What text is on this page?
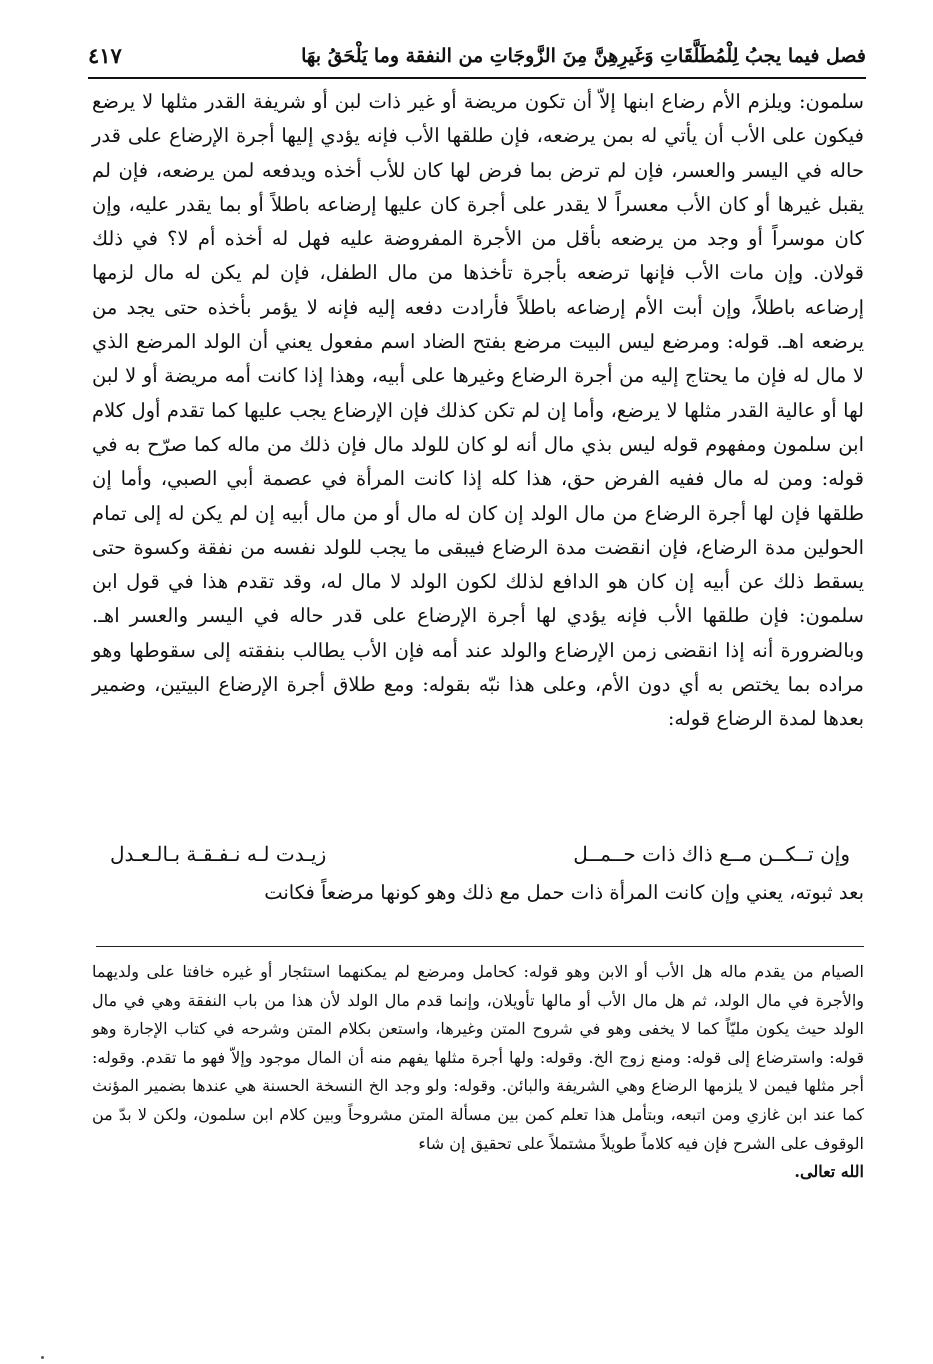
فصل فيما يجبُ لِلْمُطَلَّقَاتِ وَغَيرِهِنَّ مِنَ الزَّوجَاتِ من النفقة وما يَلْحَقُ بهَا
٤١٧

سلمون: ويلزم الأم رضاع ابنها إلاّ أن تكون مريضة أو غير ذات لبن أو شريفة القدر مثلها لا يرضع فيكون على الأب أن يأتي له بمن يرضعه، فإن طلقها الأب فإنه يؤدي إليها أجرة الإرضاع على قدر حاله في اليسر والعسر، فإن لم ترض بما فرض لها كان للأب أخذه ويدفعه لمن يرضعه، فإن لم يقبل غيرها أو كان الأب معسراً لا يقدر على أجرة كان عليها إرضاعه باطلاً أو بما يقدر عليه، وإن كان موسراً أو وجد من يرضعه بأقل من الأجرة المفروضة عليه فهل له أخذه أم لا؟ في ذلك قولان. وإن مات الأب فإنها ترضعه بأجرة تأخذها من مال الطفل، فإن لم يكن له مال لزمها إرضاعه باطلاً، وإن أبت الأم إرضاعه باطلاً فأرادت دفعه إليه فإنه لا يؤمر بأخذه حتى يجد من يرضعه اهـ. قوله: ومرضع ليس البيت مرضع بفتح الضاد اسم مفعول يعني أن الولد المرضع الذي لا مال له فإن ما يحتاج إليه من أجرة الرضاع وغيرها على أبيه، وهذا إذا كانت أمه مريضة أو لا لبن لها أو عالية القدر مثلها لا يرضع، وأما إن لم تكن كذلك فإن الإرضاع يجب عليها كما تقدم أول كلام ابن سلمون ومفهوم قوله ليس بذي مال أنه لو كان للولد مال فإن ذلك من ماله كما صرّح به في قوله: ومن له مال ففيه الفرض حق، هذا كله إذا كانت المرأة في عصمة أبي الصبي، وأما إن طلقها فإن لها أجرة الرضاع من مال الولد إن كان له مال أو من مال أبيه إن لم يكن له إلى تمام الحولين مدة الرضاع، فإن انقضت مدة الرضاع فيبقى ما يجب للولد نفسه من نفقة وكسوة حتى يسقط ذلك عن أبيه إن كان هو الدافع لذلك لكون الولد لا مال له، وقد تقدم هذا في قول ابن سلمون: فإن طلقها الأب فإنه يؤدي لها أجرة الإرضاع على قدر حاله في اليسر والعسر اهـ. وبالضرورة أنه إذا انقضى زمن الإرضاع والولد عند أمه فإن الأب يطالب بنفقته إلى سقوطها وهو مراده بما يختص به أي دون الأم، وعلى هذا نبّه بقوله: ومع طلاق أجرة الإرضاع البيتين، وضمير بعدها لمدة الرضاع قوله:

وإن تــكــن مــع ذاك ذات حــمــل
زيـدت لـه نـفـقـة بـالـعـدل
بعد ثبوته، يعني وإن كانت المرأة ذات حمل مع ذلك وهو كونها مرضعاً فكانت

الصيام من يقدم ماله هل الأب أو الابن وهو قوله: كحامل ومرضع لم يمكنهما استئجار أو غيره خافتا على ولديهما والأجرة في مال الولد، ثم هل مال الأب أو مالها تأويلان، وإنما قدم مال الولد لأن هذا من باب النفقة وهي في مال الولد حيث يكون مليّاً كما لا يخفى وهو في شروح المتن وغيرها، واستعن بكلام المتن وشرحه في كتاب الإجارة وهو قوله: واسترضاع إلى قوله: ومنع زوج الخ. وقوله: ولها أجرة مثلها يفهم منه أن المال موجود وإلاّ فهو ما تقدم. وقوله: أجر مثلها فيمن لا يلزمها الرضاع وهي الشريفة والبائن. وقوله: ولو وجد الخ النسخة الحسنة هي عندها بضمير المؤنث كما عند ابن غازي ومن اتبعه، وبتأمل هذا تعلم كمن بين مسألة المتن مشروحاً وبين كلام ابن سلمون، ولكن لا بدّ من الوقوف على الشرح فإن فيه كلاماً طويلاً مشتملاً على تحقيق إن شاء

الله تعالى.
